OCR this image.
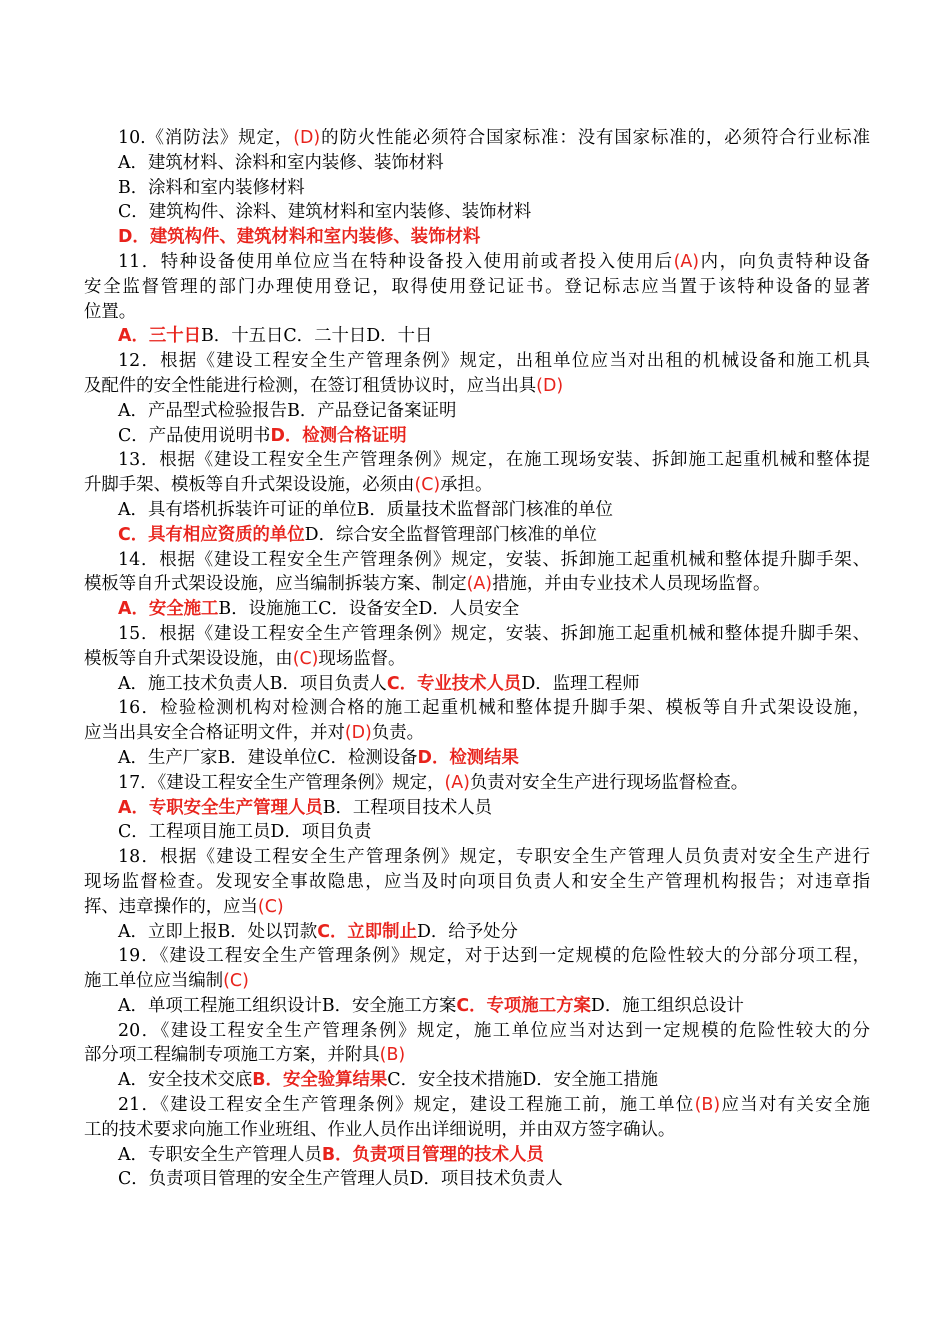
10.《消防法》规定，(D)的防火性能必须符合国家标准：没有国家标准的，必须符合行业标准

A．建筑材料、涂料和室内装修、装饰材料

B．涂料和室内装修材料

C．建筑构件、涂料、建筑材料和室内装修、装饰材料

D．建筑构件、建筑材料和室内装修、装饰材料

11．特种设备使用单位应当在特种设备投入使用前或者投入使用后(A)内，向负责特种设备

安全监督管理的部门办理使用登记，取得使用登记证书。登记标志应当置于该特种设备的显著

位置。

A．三十日B．十五日C．二十日D．十日

12．根据《建设工程安全生产管理条例》规定，出租单位应当对出租的机械设备和施工机具

及配件的安全性能进行检测，在签订租赁协议时，应当出具(D)

A．产品型式检验报告B．产品登记备案证明

C．产品使用说明书D．检测合格证明

13．根据《建设工程安全生产管理条例》规定，在施工现场安装、拆卸施工起重机械和整体提

升脚手架、模板等自升式架设设施，必须由(C)承担。

A．具有塔机拆装许可证的单位B．质量技术监督部门核准的单位

C．具有相应资质的单位D．综合安全监督管理部门核准的单位

14．根据《建设工程安全生产管理条例》规定，安装、拆卸施工起重机械和整体提升脚手架、

模板等自升式架设设施，应当编制拆装方案、制定(A)措施，并由专业技术人员现场监督。

A．安全施工B．设施施工C．设备安全D．人员安全

15．根据《建设工程安全生产管理条例》规定，安装、拆卸施工起重机械和整体提升脚手架、

模板等自升式架设设施，由(C)现场监督。

A．施工技术负责人B．项目负责人C．专业技术人员D．监理工程师

16．检验检测机构对检测合格的施工起重机械和整体提升脚手架、模板等自升式架设设施，

应当出具安全合格证明文件，并对(D)负责。

A．生产厂家B．建设单位C．检测设备D．检测结果

17．《建设工程安全生产管理条例》规定，(A)负责对安全生产进行现场监督检查。

A．专职安全生产管理人员B．工程项目技术人员

C．工程项目施工员D．项目负责

18．根据《建设工程安全生产管理条例》规定，专职安全生产管理人员负责对安全生产进行

现场监督检查。发现安全事故隐患，应当及时向项目负责人和安全生产管理机构报告；对违章指

挥、违章操作的，应当(C)

A．立即上报B．处以罚款C．立即制止D．给予处分

19．《建设工程安全生产管理条例》规定，对于达到一定规模的危险性较大的分部分项工程，

施工单位应当编制(C)

A．单项工程施工组织设计B．安全施工方案C．专项施工方案D．施工组织总设计

20．《建设工程安全生产管理条例》规定，施工单位应当对达到一定规模的危险性较大的分

部分项工程编制专项施工方案，并附具(B)

A．安全技术交底B．安全验算结果C．安全技术措施D．安全施工措施

21．《建设工程安全生产管理条例》规定，建设工程施工前，施工单位(B)应当对有关安全施

工的技术要求向施工作业班组、作业人员作出详细说明，并由双方签字确认。

A．专职安全生产管理人员B．负责项目管理的技术人员

C．负责项目管理的安全生产管理人员D．项目技术负责人
